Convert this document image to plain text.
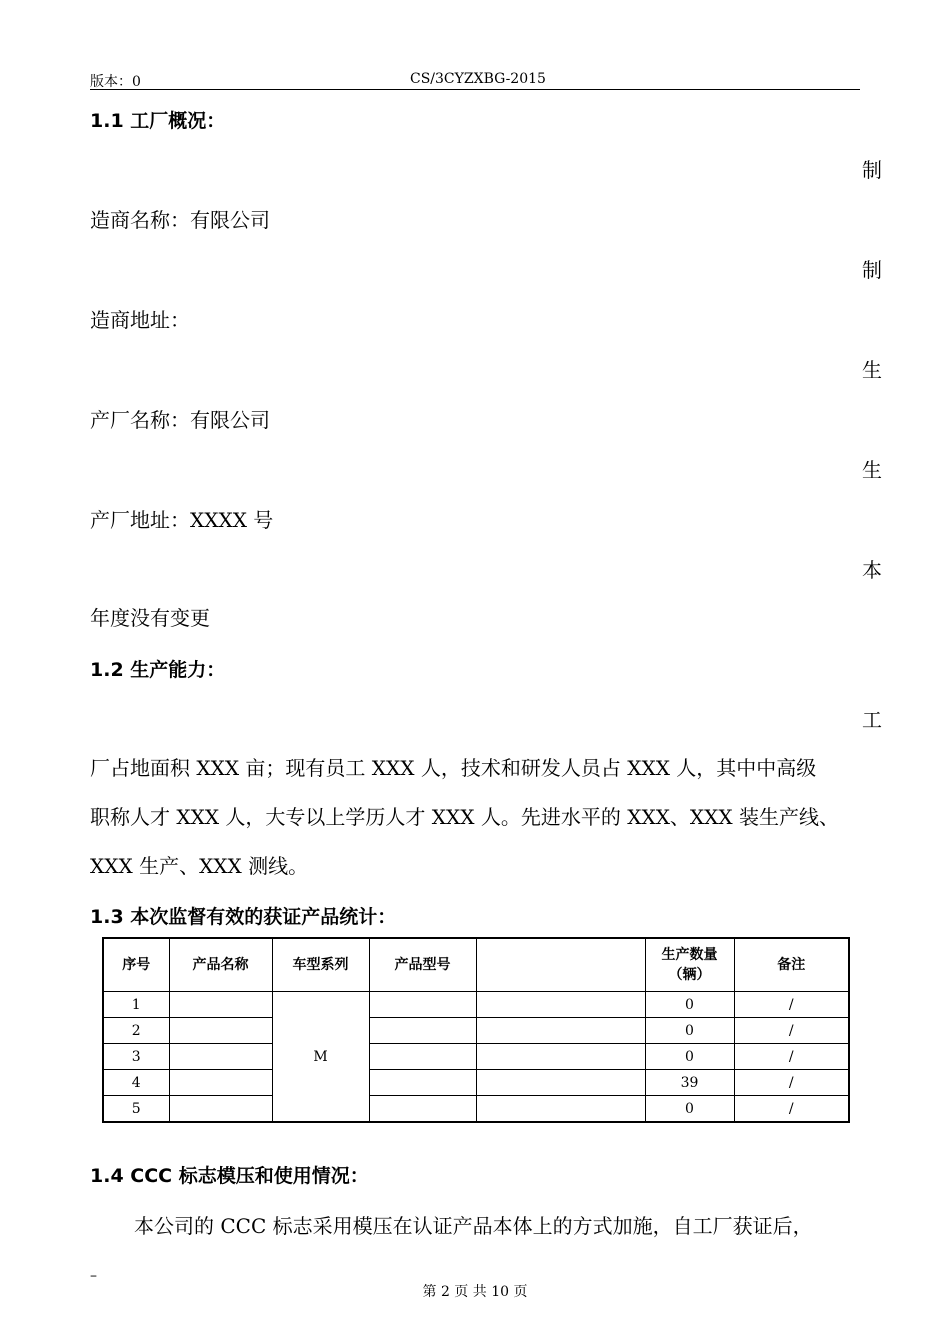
版本：0	CS/3CYZXBG-2015
1.1 工厂概况：
制
造商名称：有限公司
制
造商地址：
生
产厂名称：有限公司
生
产厂地址：XXXX 号
本
年度没有变更
1.2 生产能力：
工
厂占地面积 XXX 亩；现有员工 XXX 人，技术和研发人员占 XXX 人，其中中高级
职称人才 XXX 人，大专以上学历人才 XXX 人。先进水平的 XXX、XXX 装生产线、
XXX 生产、XXX 测线。
1.3 本次监督有效的获证产品统计：
序号	产品名称	车型系列	产品型号		生产数量
（辆）	备注
1		M			0	/
2					0	/
3					0	/
4					39	/
5					0	/
1.4 CCC 标志模压和使用情况：
本公司的 CCC 标志采用模压在认证产品本体上的方式加施，自工厂获证后，
–
第 2 页 共 10 页
